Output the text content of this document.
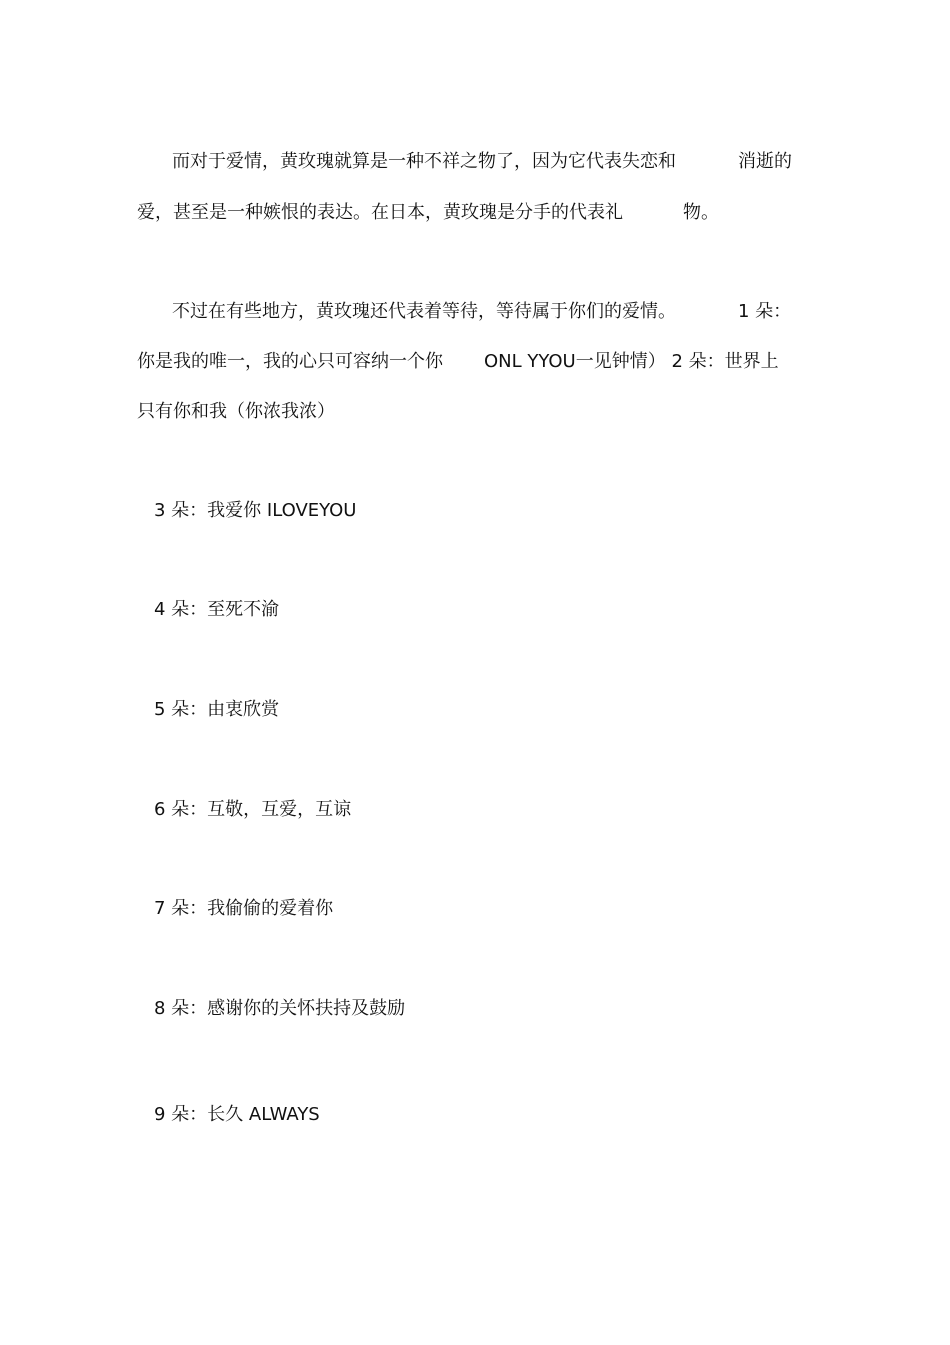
而对于爱情，黄玫瑰就算是一种不祥之物了，因为它代表失恋和	消逝的
爱，甚至是一种嫉恨的表达。在日本，黄玫瑰是分手的代表礼	物。
不过在有些地方，黄玫瑰还代表着等待，等待属于你们的爱情。	1 朵：
你是我的唯一，我的心只可容纳一个你 ONL YYOU一见钟情） 2 朵：世界上
只有你和我（你浓我浓）
3 朵：我爱你 ILOVEYOU
4 朵：至死不渝
5 朵：由衷欣赏
6 朵：互敬，互爱，互谅
7 朵：我偷偷的爱着你
8 朵：感谢你的关怀扶持及鼓励
9 朵：长久 ALWAYS
